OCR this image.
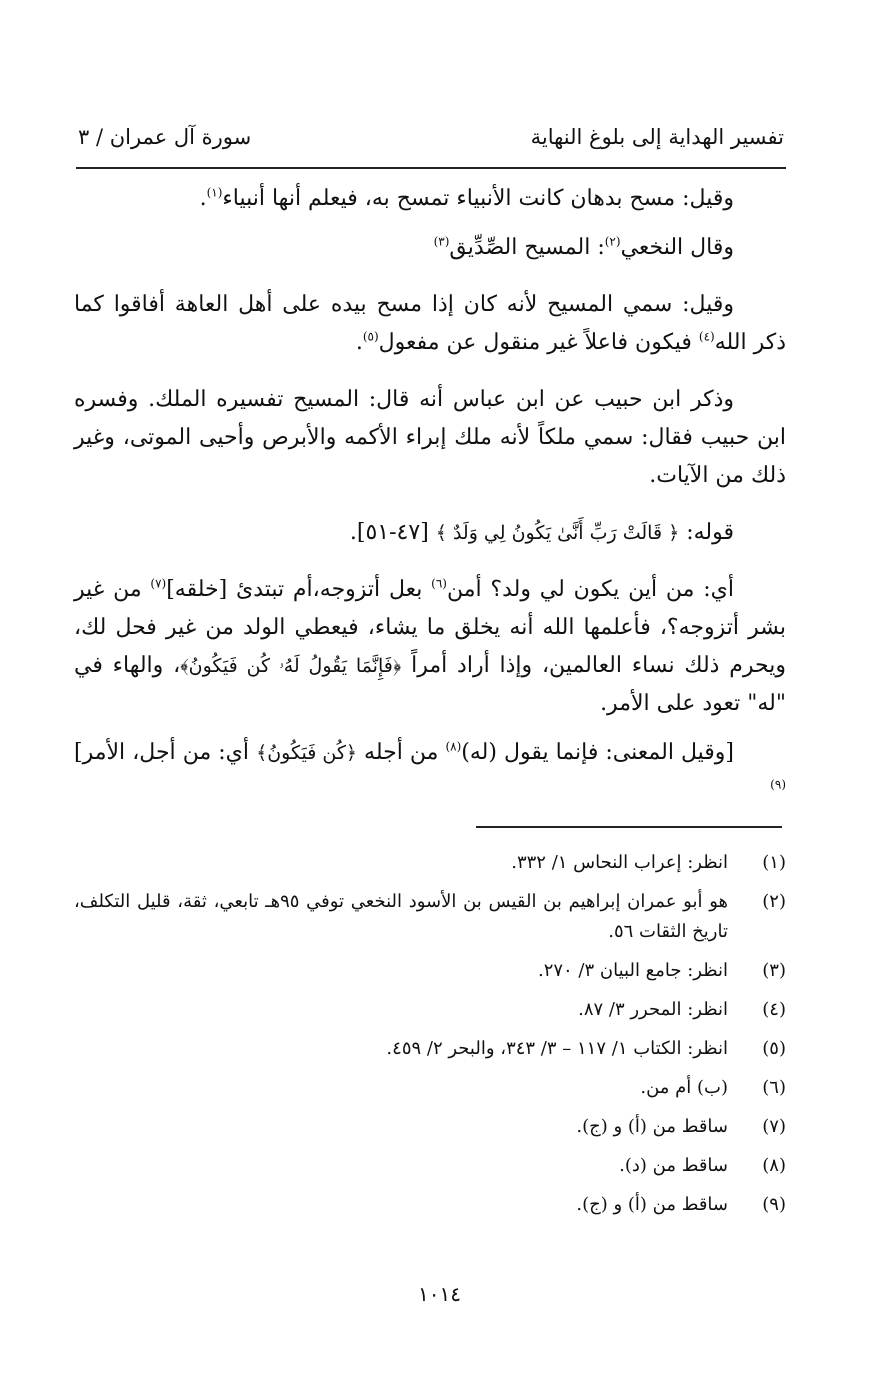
تفسير الهداية إلى بلوغ النهاية
سورة آل عمران / ٣

وقيل: مسح بدهان كانت الأنبياء تمسح به، فيعلم أنها أنبياء$^{(١)}$.

وقال النخعي$^{(٢)}$: المسيح الصِّدِّيق$^{(٣)}$

وقيل: سمي المسيح لأنه كان إذا مسح بيده على أهل العاهة أفاقوا كما ذكر الله$^{(٤)}$ فيكون فاعلاً غير منقول عن مفعول$^{(٥)}$.

وذكر ابن حبيب عن ابن عباس أنه قال: المسيح تفسيره الملك. وفسره ابن حبيب فقال: سمي ملكاً لأنه ملك إبراء الأكمه والأبرص وأحيى الموتى، وغير ذلك من الآيات.

قوله: ﴿ قَالَتْ رَبِّ أَنَّىٰ يَكُونُ لِي وَلَدٌ ﴾ [٤٧-٥١].

أي: من أين يكون لي ولد؟ أمن$^{(٦)}$ بعل أتزوجه،أم تبتدئ [خلقه]$^{(٧)}$ من غير بشر أتزوجه؟، فأعلمها الله أنه يخلق ما يشاء، فيعطي الولد من غير فحل لك، ويحرم ذلك نساء العالمين، وإذا أراد أمراً ﴿فَإِنَّمَا يَقُولُ لَهُۥ كُن فَيَكُونُ﴾، والهاء في "له" تعود على الأمر.

[وقيل المعنى: فإنما يقول (له)$^{(٨)}$ من أجله ﴿كُن فَيَكُونُ﴾ أي: من أجل، الأمر]$^{(٩)}$

(١)
انظر: إعراب النحاس ١/ ٣٣٢.
(٢)
هو أبو عمران إبراهيم بن القيس بن الأسود النخعي توفي ٩٥هـ تابعي، ثقة، قليل التكلف، تاريخ الثقات ٥٦.
(٣)
انظر: جامع البيان ٣/ ٢٧٠.
(٤)
انظر: المحرر ٣/ ٨٧.
(٥)
انظر: الكتاب ١/ ١١٧ – ٣/ ٣٤٣، والبحر ٢/ ٤٥٩.
(٦)
(ب) أم من.
(٧)
ساقط من (أ) و (ج).
(٨)
ساقط من (د).
(٩)
ساقط من (أ) و (ج).
١٠١٤
